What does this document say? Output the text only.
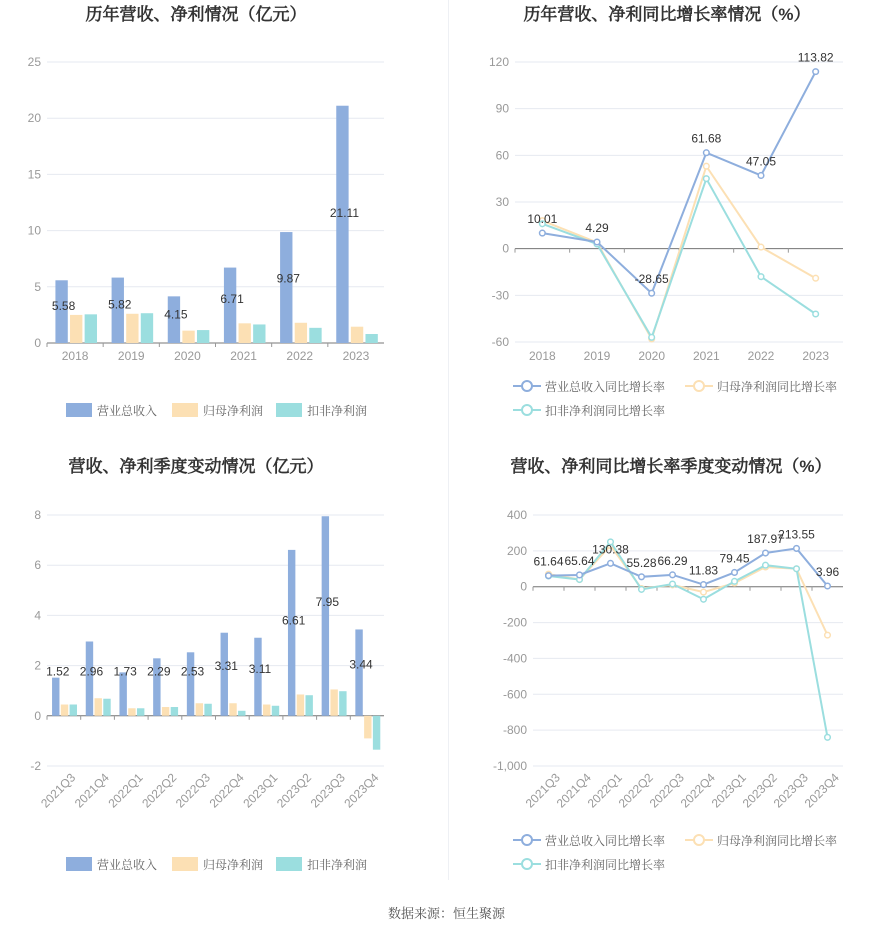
历年营收、净利情况（亿元）
0
5
10
15
20
25
2018 2019 2020 2021 2022 2023
5.58	5.82
4.15
6.71
9.87
21.11
营业总收入	归母净利润	扣非净利润
历年营收、净利同比增长率情况（%）
-60
-30
0
30
60
90
120
2018 2019 2020 2021 2022 2023
10.01
4.29
-28.65
61.68
47.05
113.82
营业总收入同比增长率	归母净利润同比增长率
扣非净利润同比增长率
营收、净利季度变动情况（亿元）
-2
0
2
4
6
8
2021Q3
2021Q4
2022Q1
2022Q2
2022Q3
2022Q4
2023Q1
2023Q2
2023Q3
2023Q4
1.52 2.96 1.73 2.29 2.53 3.31 3.11
6.61
7.95
3.44
营业总收入	归母净利润	扣非净利润
营收、净利同比增长率季度变动情况（%）
-1,000
-800
-600
-400
-200
0
200
400
2021Q3
2021Q4
2022Q1
2022Q2
2022Q3
2022Q4
2023Q1
2023Q2
2023Q3
2023Q4
61.64 65.64
130.38
55.28 66.29
11.83
79.45
187.97
213.55
3.96
营业总收入同比增长率	归母净利润同比增长率
扣非净利润同比增长率
数据来源：恒生聚源
